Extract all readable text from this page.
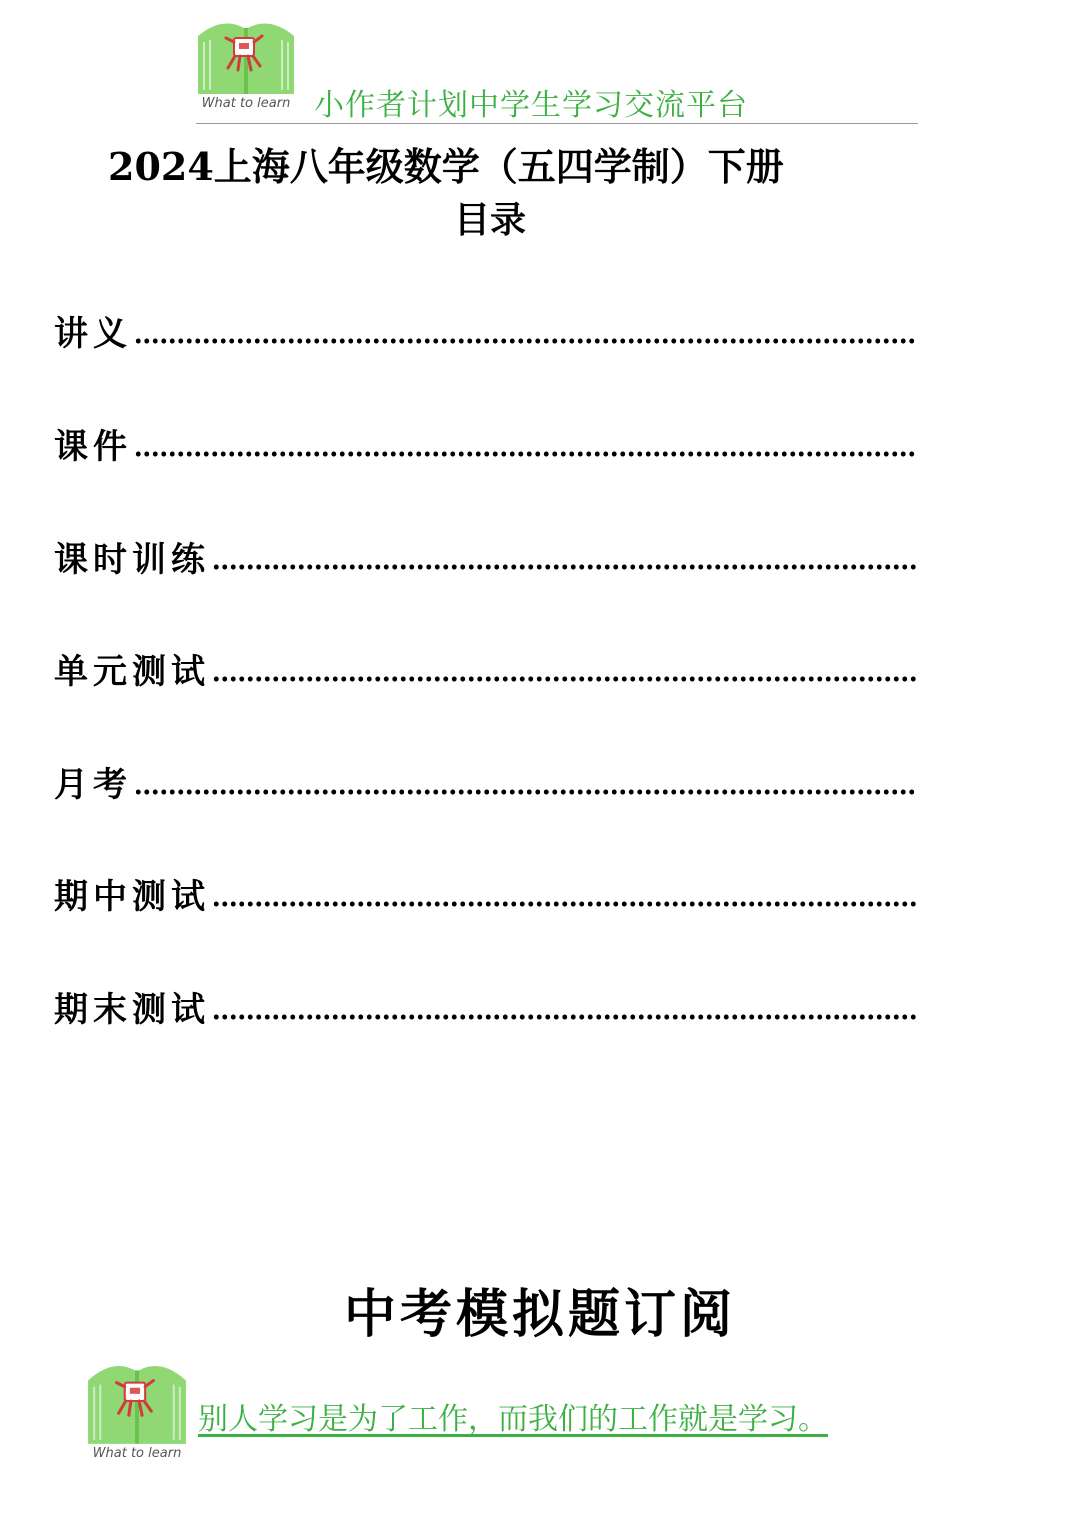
What to learn 小作者计划中学生学习交流平台
2024上海八年级数学（五四学制）下册
目录
讲义
课件
课时训练
单元测试
月考
期中测试
期末测试
中考模拟题订阅
What to learn
别人学习是为了工作，而我们的工作就是学习。
